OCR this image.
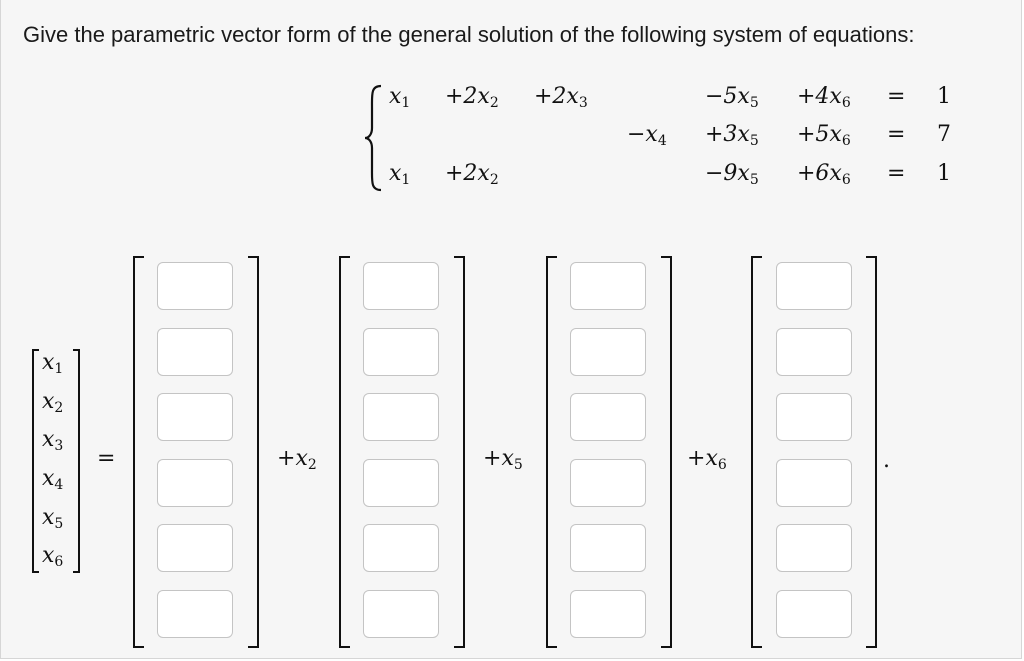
Give the parametric vector form of the general solution of the following system of equations:
$x_1 +2x_2 +2x_3$	$-5x_5 +4x_6 = 1$
$-x_4 +3x_5 +5x_6 = 7$
$x_1 +2x_2$	$-9x_5 +6x_6 = 1$
$x_1$
$x_2$
$x_3$
$x_4$
$x_5$
$x_6$
=	$+x_2$	$+x_5$	$+x_6$	.
